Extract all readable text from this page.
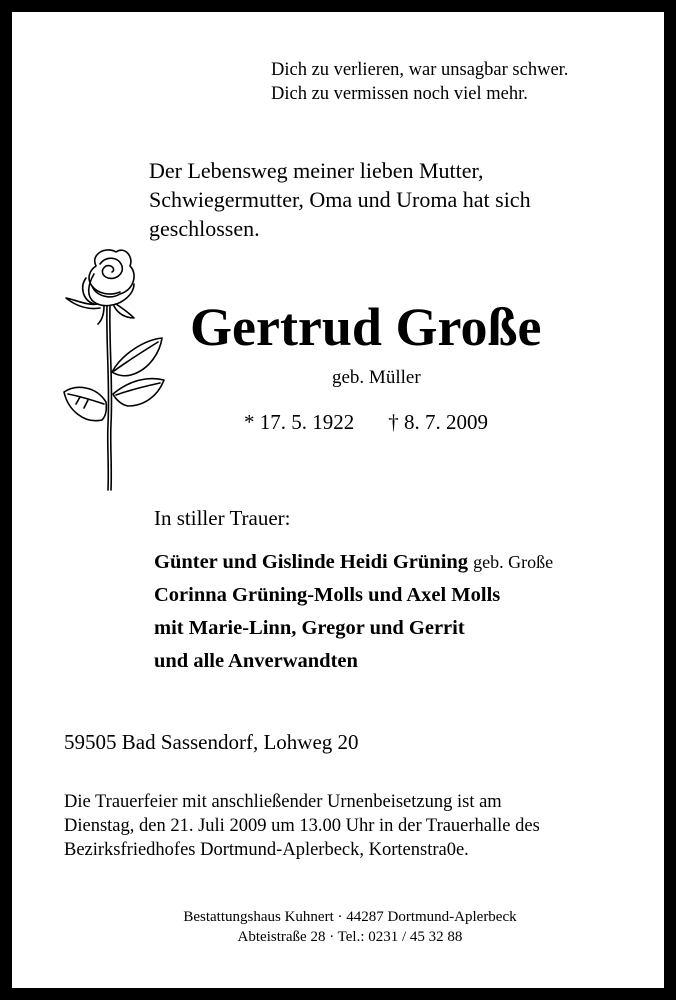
Dich zu verlieren, war unsagbar schwer.
Dich zu vermissen noch viel mehr.
Der Lebensweg meiner lieben Mutter,
Schwiegermutter, Oma und Uroma hat sich
geschlossen.
Gertrud Große
geb. Müller
* 17. 5. 1922 † 8. 7. 2009
In stiller Trauer:
Günter und Gislinde Heidi Grüning geb. Große
Corinna Grüning-Molls und Axel Molls
mit Marie-Linn, Gregor und Gerrit
und alle Anverwandten
59505 Bad Sassendorf, Lohweg 20
Die Trauerfeier mit anschließender Urnenbeisetzung ist am
Dienstag, den 21. Juli 2009 um 13.00 Uhr in der Trauerhalle des
Bezirksfriedhofes Dortmund-Aplerbeck, Kortenstra0e.
Bestattungshaus Kuhnert · 44287 Dortmund-Aplerbeck
Abteistraße 28 · Tel.: 0231 / 45 32 88
